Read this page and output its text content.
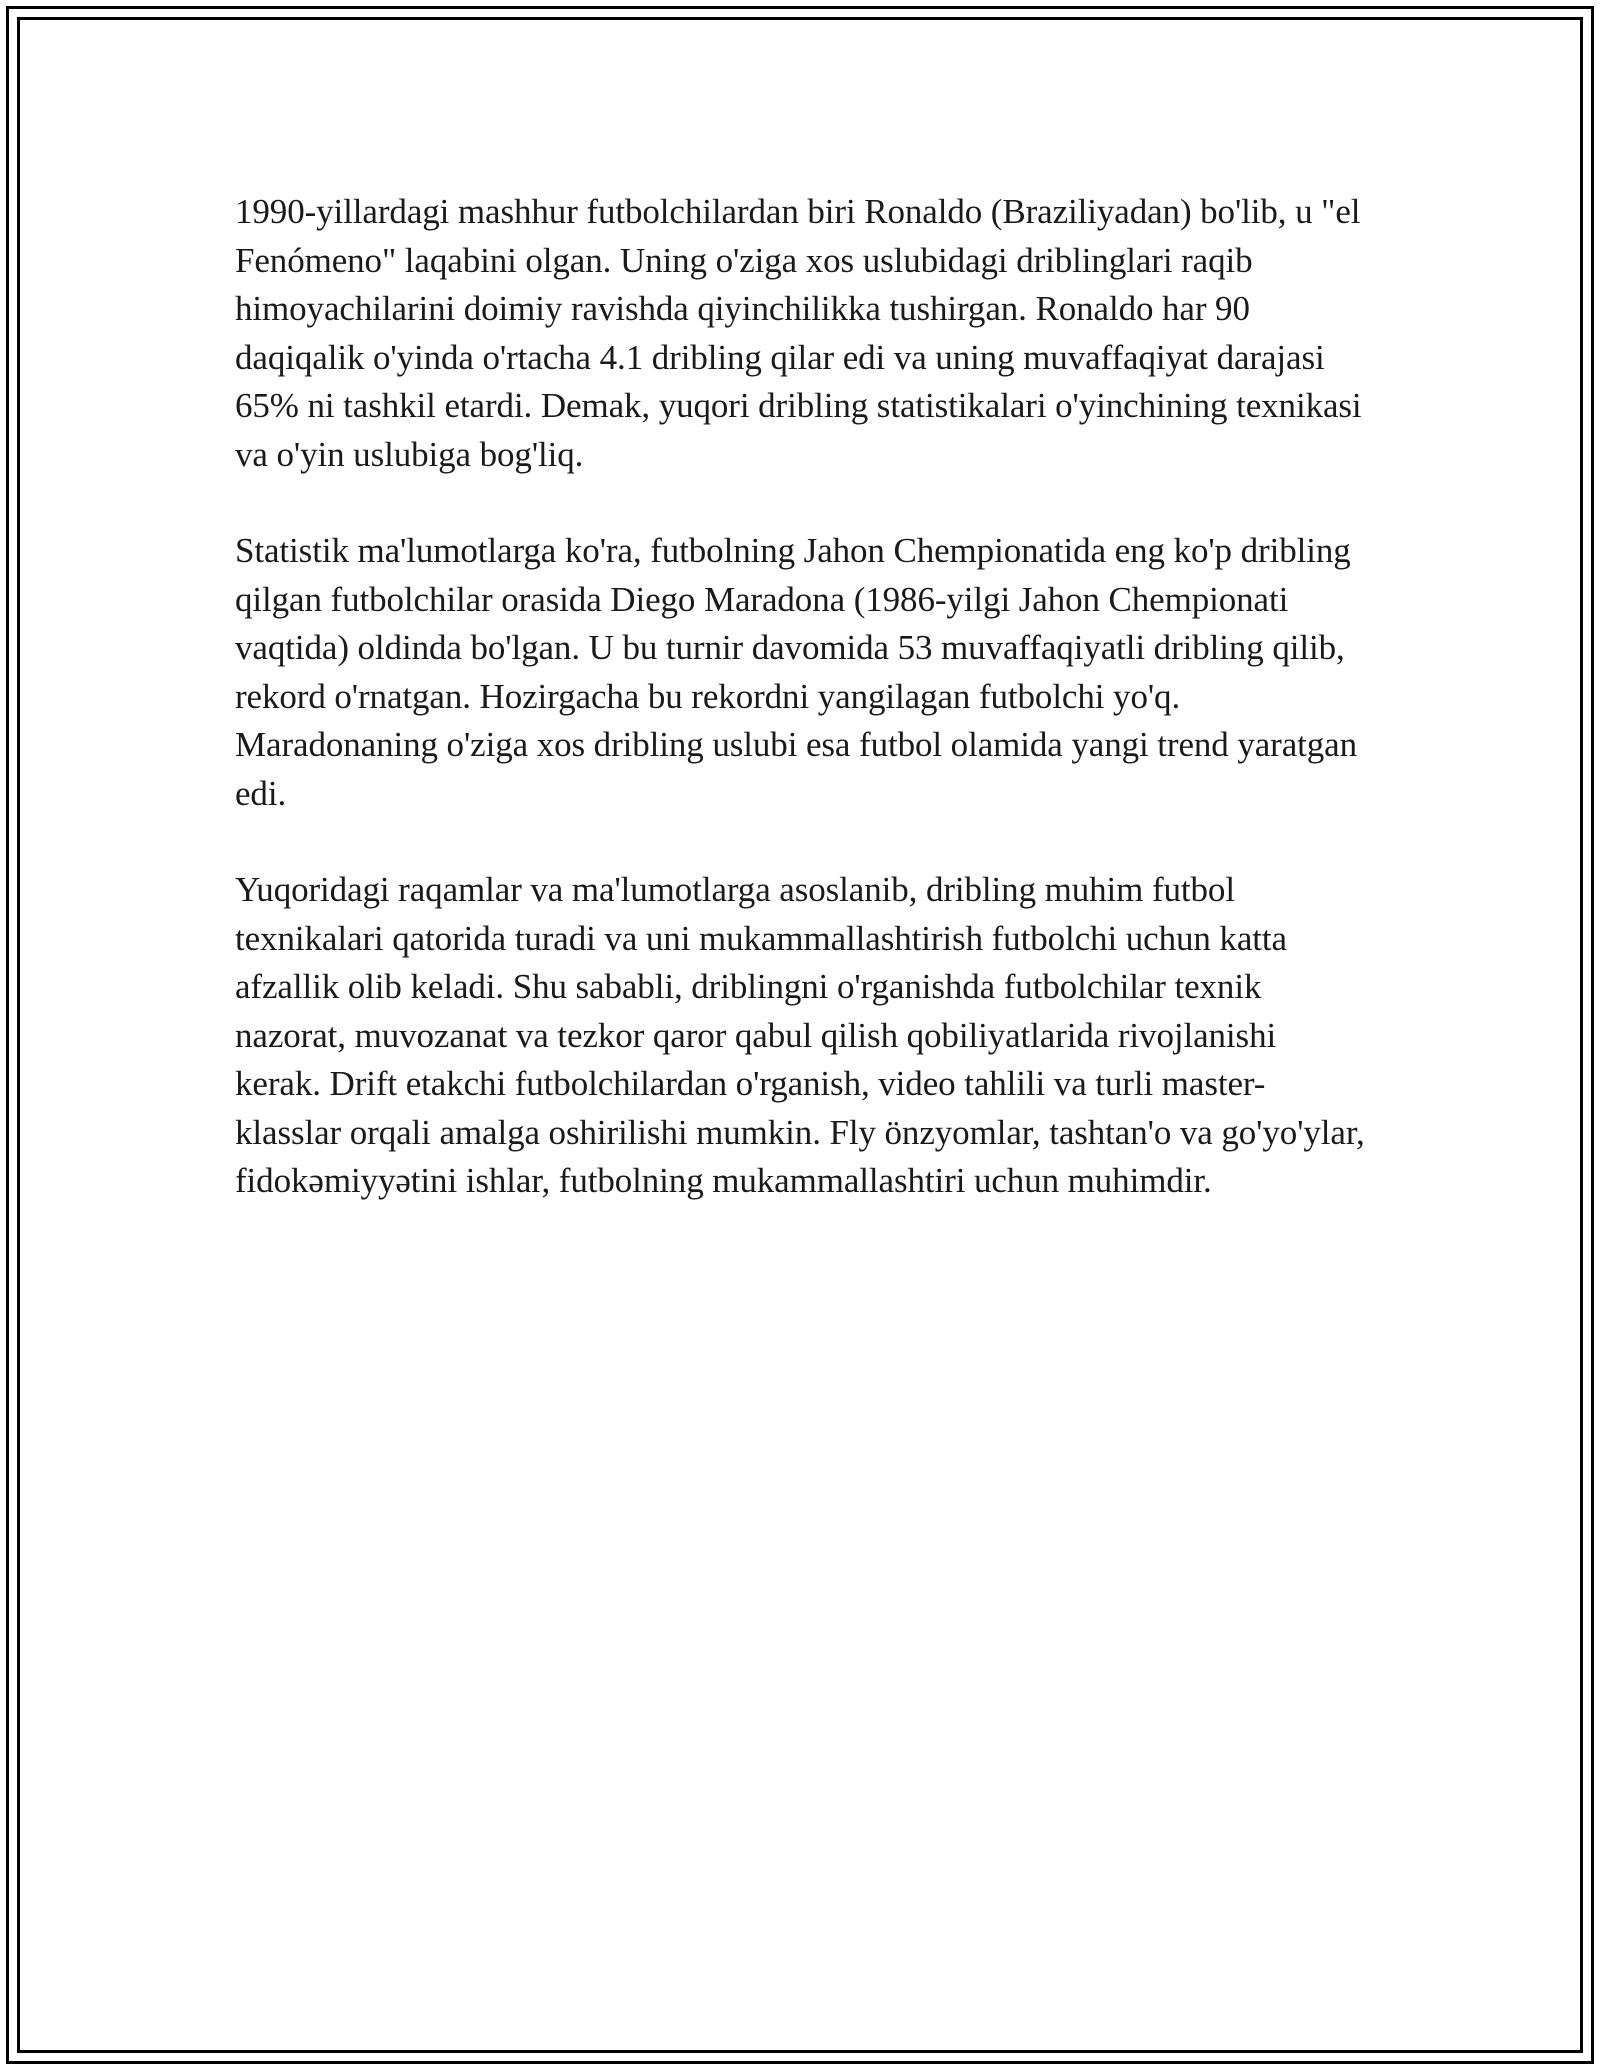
1990-yillardagi mashhur futbolchilardan biri Ronaldo (Braziliyadan) bo'lib, u "el Fenómeno" laqabini olgan. Uning o'ziga xos uslubidagi driblinglari raqib himoyachilarini doimiy ravishda qiyinchilikka tushirgan. Ronaldo har 90 daqiqalik o'yinda o'rtacha 4.1 dribling qilar edi va uning muvaffaqiyat darajasi 65% ni tashkil etardi. Demak, yuqori dribling statistikalari o'yinchining texnikasi va o'yin uslubiga bog'liq.

Statistik ma'lumotlarga ko'ra, futbolning Jahon Chempionatida eng ko'p dribling qilgan futbolchilar orasida Diego Maradona (1986-yilgi Jahon Chempionati vaqtida) oldinda bo'lgan. U bu turnir davomida 53 muvaffaqiyatli dribling qilib, rekord o'rnatgan. Hozirgacha bu rekordni yangilagan futbolchi yo'q. Maradonaning o'ziga xos dribling uslubi esa futbol olamida yangi trend yaratgan edi.

Yuqoridagi raqamlar va ma'lumotlarga asoslanib, dribling muhim futbol texnikalari qatorida turadi va uni mukammallashtirish futbolchi uchun katta afzallik olib keladi. Shu sababli, driblingni o'rganishda futbolchilar texnik nazorat, muvozanat va tezkor qaror qabul qilish qobiliyatlarida rivojlanishi kerak. Drift etakchi futbolchilardan o'rganish, video tahlili va turli master-klasslar orqali amalga oshirilishi mumkin. Fly önzyomlar, tashtan'o va go'yo'ylar, fidokəmiyyətini ishlar, futbolning mukammallashtiri uchun muhimdir.
